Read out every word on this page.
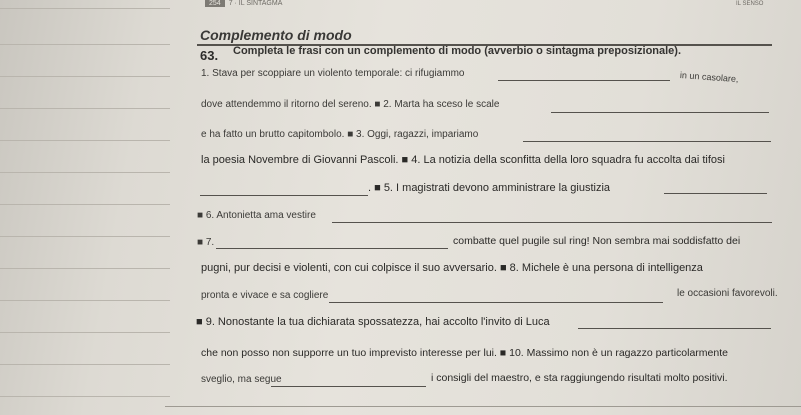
254 7 · IL SINTAGMA	IL SENSO
Complemento di modo
63. Completa le frasi con un complemento di modo (avverbio o sintagma preposizionale).
1. Stava per scoppiare un violento temporale: ci rifugiammo	in un casolare,
dove attendemmo il ritorno del sereno. ■ 2. Marta ha sceso le scale
e ha fatto un brutto capitombolo. ■ 3. Oggi, ragazzi, impariamo
la poesia Novembre di Giovanni Pascoli. ■ 4. La notizia della sconfitta della loro squadra fu accolta dai tifosi
. ■ 5. I magistrati devono amministrare la giustizia
■ 6. Antonietta ama vestire
■ 7.	combatte quel pugile sul ring! Non sembra mai soddisfatto dei
pugni, pur decisi e violenti, con cui colpisce il suo avversario. ■ 8. Michele è una persona di intelligenza
pronta e vivace e sa cogliere	le occasioni favorevoli.
■ 9. Nonostante la tua dichiarata spossatezza, hai accolto l'invito di Luca
che non posso non supporre un tuo imprevisto interesse per lui. ■ 10. Massimo non è un ragazzo particolarmente
sveglio, ma segue	i consigli del maestro, e sta raggiungendo risultati molto positivi.
